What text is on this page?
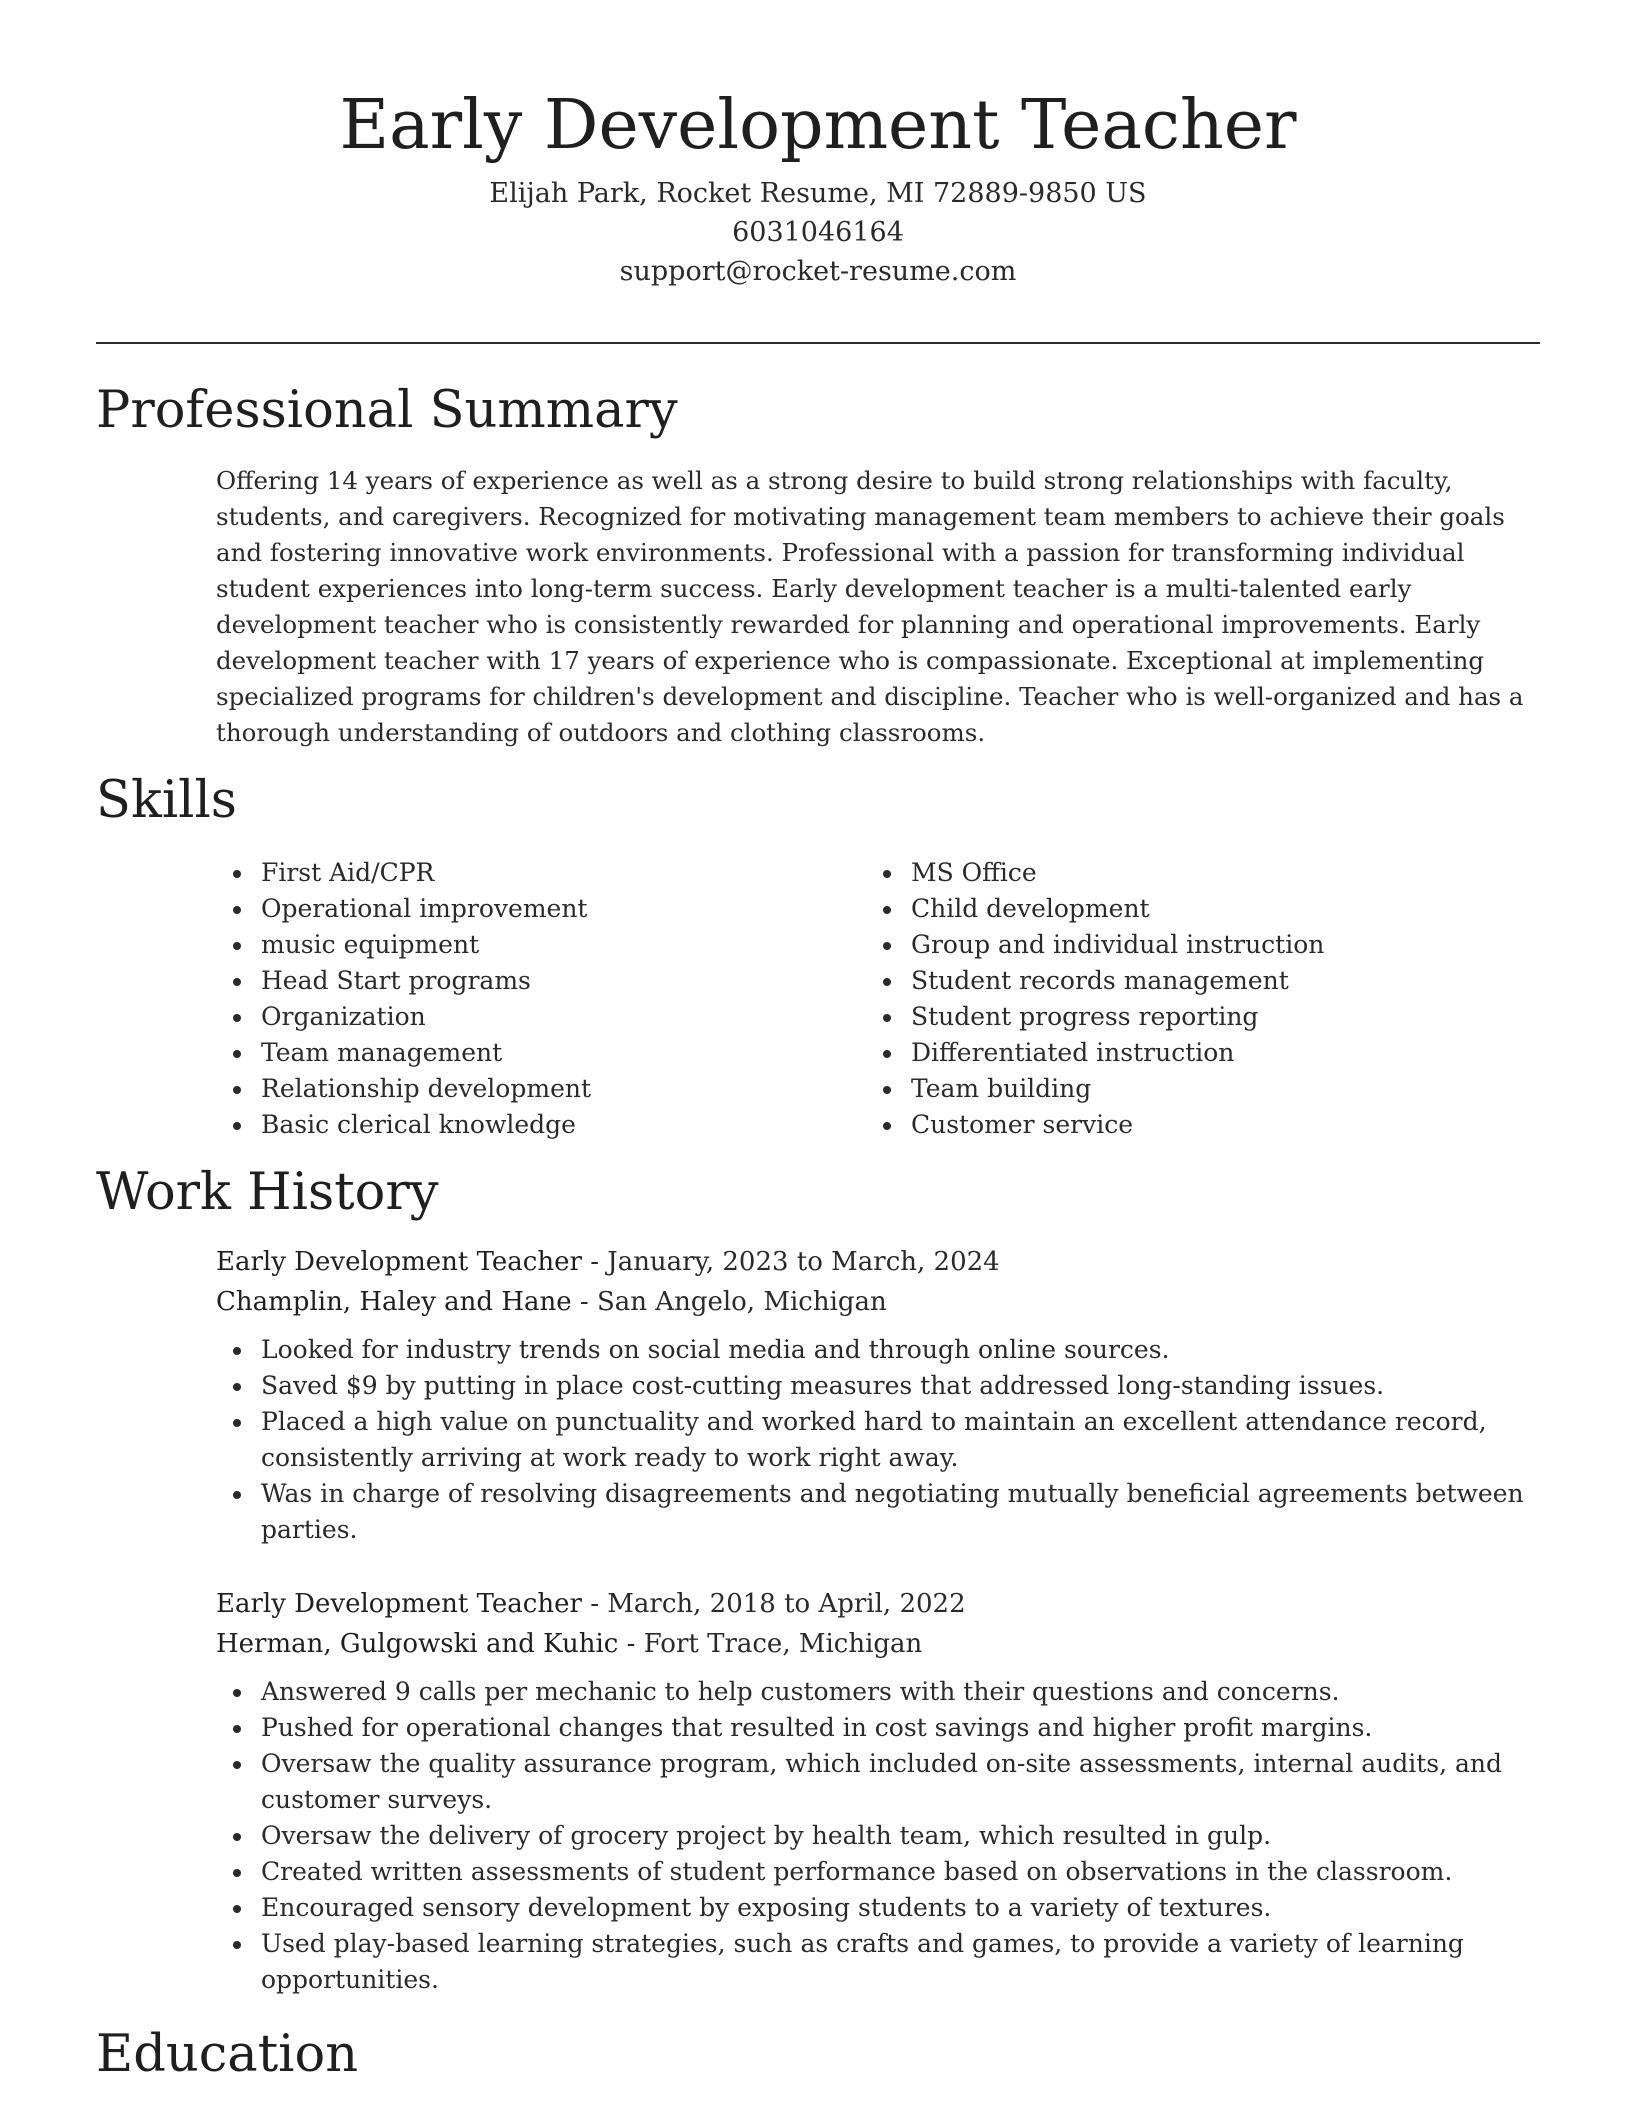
Early Development Teacher
Elijah Park, Rocket Resume, MI 72889-9850 US
6031046164
support@rocket-resume.com
Professional Summary

Offering 14 years of experience as well as a strong desire to build strong relationships with faculty, students, and caregivers. Recognized for motivating management team members to achieve their goals and fostering innovative work environments. Professional with a passion for transforming individual student experiences into long-term success. Early development teacher is a multi-talented early development teacher who is consistently rewarded for planning and operational improvements. Early development teacher with 17 years of experience who is compassionate. Exceptional at implementing specialized programs for children's development and discipline. Teacher who is well-organized and has a thorough understanding of outdoors and clothing classrooms.

Skills
First Aid/CPR
Operational improvement
music equipment
Head Start programs
Organization
Team management
Relationship development
Basic clerical knowledge
MS Office
Child development
Group and individual instruction
Student records management
Student progress reporting
Differentiated instruction
Team building
Customer service
Work History
Early Development Teacher - January, 2023 to March, 2024
Champlin, Haley and Hane - San Angelo, Michigan
Looked for industry trends on social media and through online sources.
Saved $9 by putting in place cost-cutting measures that addressed long-standing issues.
Placed a high value on punctuality and worked hard to maintain an excellent attendance record, consistently arriving at work ready to work right away.
Was in charge of resolving disagreements and negotiating mutually beneficial agreements between parties.
Early Development Teacher - March, 2018 to April, 2022
Herman, Gulgowski and Kuhic - Fort Trace, Michigan
Answered 9 calls per mechanic to help customers with their questions and concerns.
Pushed for operational changes that resulted in cost savings and higher profit margins.
Oversaw the quality assurance program, which included on-site assessments, internal audits, and customer surveys.
Oversaw the delivery of grocery project by health team, which resulted in gulp.
Created written assessments of student performance based on observations in the classroom.
Encouraged sensory development by exposing students to a variety of textures.
Used play-based learning strategies, such as crafts and games, to provide a variety of learning opportunities.
Education
